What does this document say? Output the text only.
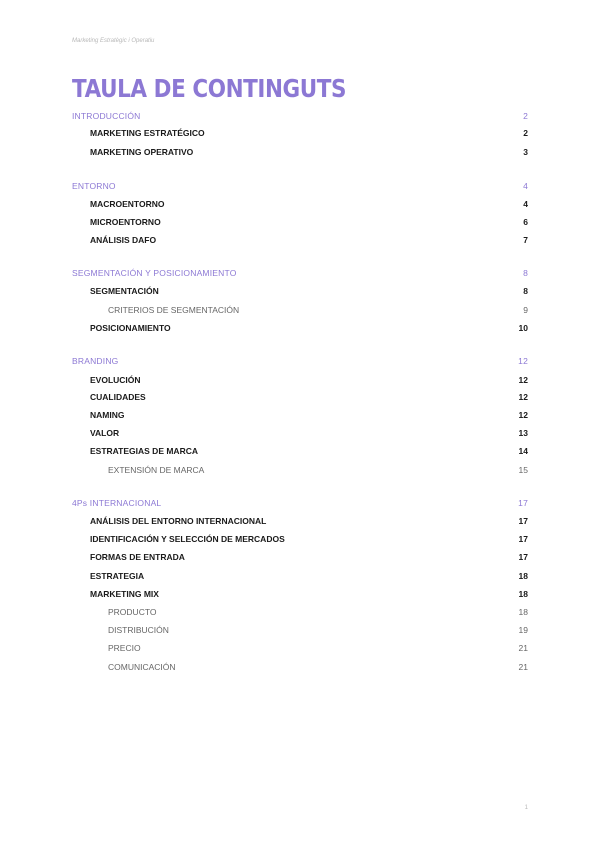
Marketing Estratègic i Operatiu
TAULA DE CONTINGUTS
INTRODUCCIÓN	2
MARKETING ESTRATÉGICO	2
MARKETING OPERATIVO	3
ENTORNO	4
MACROENTORNO	4
MICROENTORNO	6
ANÁLISIS DAFO	7
SEGMENTACIÓN Y POSICIONAMIENTO	8
SEGMENTACIÓN	8
CRITERIOS DE SEGMENTACIÓN	9
POSICIONAMIENTO	10
BRANDING	12
EVOLUCIÓN	12
CUALIDADES	12
NAMING	12
VALOR	13
ESTRATEGIAS DE MARCA	14
EXTENSIÓN DE MARCA	15
4Ps INTERNACIONAL	17
ANÁLISIS DEL ENTORNO INTERNACIONAL	17
IDENTIFICACIÓN Y SELECCIÓN DE MERCADOS	17
FORMAS DE ENTRADA	17
ESTRATEGIA	18
MARKETING MIX	18
PRODUCTO	18
DISTRIBUCIÓN	19
PRECIO	21
COMUNICACIÓN	21
1
